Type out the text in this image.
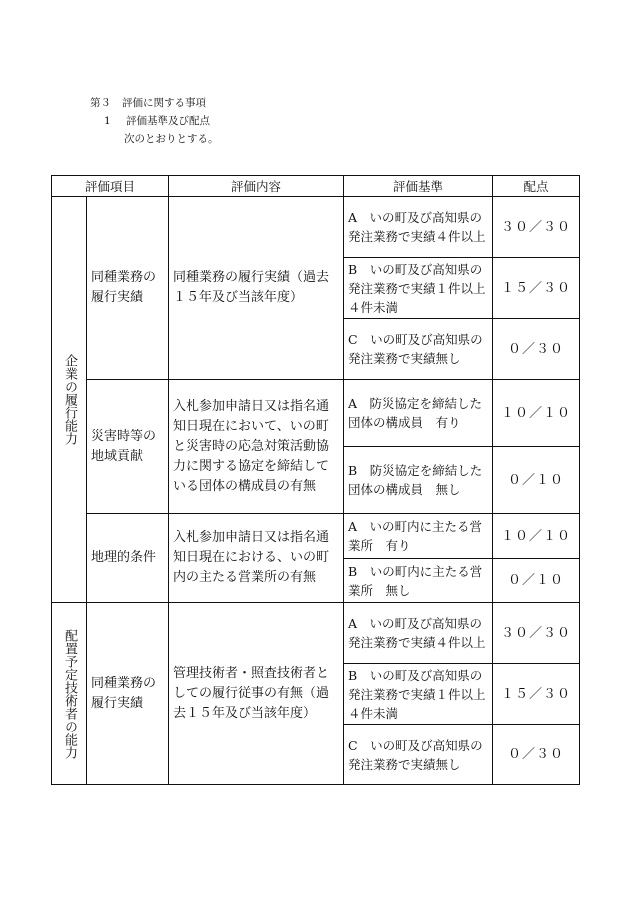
第３ 評価に関する事項
1 評価基準及び配点
次のとおりとする。
評価項目		評価内容	評価基準	配点

企業の履行能力	同種業務の履行実績	同種業務の履行実績（過去１５年及び当該年度）	A　いの町及び高知県の発注業務で実績４件以上	３０／３０
			B　いの町及び高知県の発注業務で実績１件以上４件未満	１５／３０
			C　いの町及び高知県の発注業務で実績無し	０／３０
	災害時等の地域貢献	入札参加申請日又は指名通知日現在において、いの町と災害時の応急対策活動協力に関する協定を締結している団体の構成員の有無	A　防災協定を締結した団体の構成員　有り	１０／１０
			B　防災協定を締結した団体の構成員　無し	０／１０
	地理的条件	入札参加申請日又は指名通知日現在における、いの町内の主たる営業所の有無	A　いの町内に主たる営業所　有り	１０／１０
			B　いの町内に主たる営業所　無し	０／１０

配置予定技術者の能力	同種業務の履行実績	管理技術者・照査技術者としての履行従事の有無（過去１５年及び当該年度）	A　いの町及び高知県の発注業務で実績４件以上	３０／３０
			B　いの町及び高知県の発注業務で実績１件以上４件未満	１５／３０
			C　いの町及び高知県の発注業務で実績無し	０／３０
